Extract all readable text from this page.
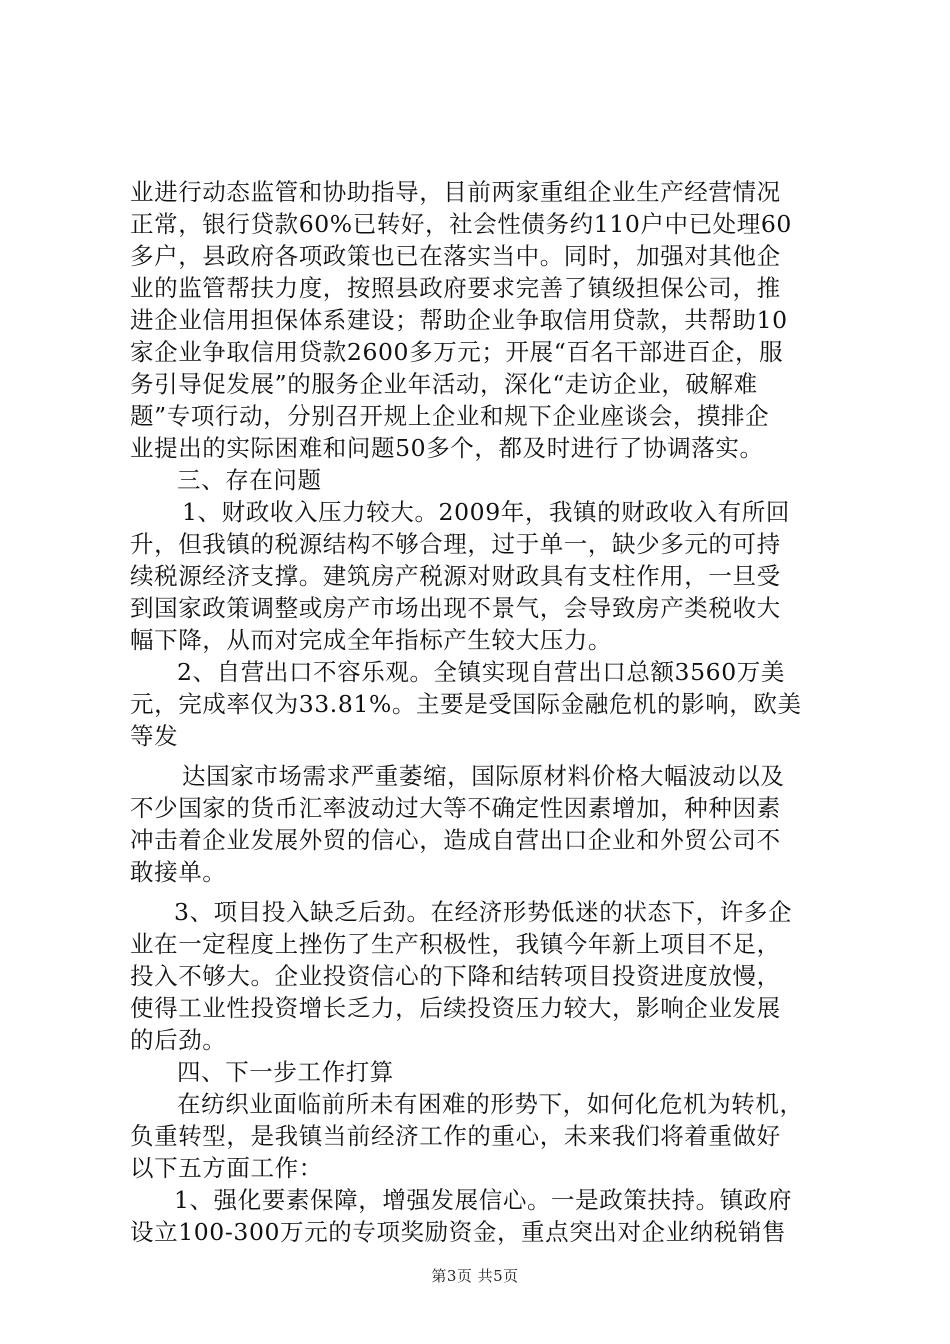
业进行动态监管和协助指导，目前两家重组企业生产经营情况
正常，银行贷款60%已转好，社会性债务约110户中已处理60
多户，县政府各项政策也已在落实当中。同时，加强对其他企
业的监管帮扶力度，按照县政府要求完善了镇级担保公司，推
进企业信用担保体系建设；帮助企业争取信用贷款，共帮助10
家企业争取信用贷款2600多万元；开展“百名干部进百企，服
务引导促发展”的服务企业年活动，深化“走访企业，破解难
题”专项行动，分别召开规上企业和规下企业座谈会，摸排企
业提出的实际困难和问题50多个，都及时进行了协调落实。
三、存在问题
1、财政收入压力较大。2009年，我镇的财政收入有所回
升，但我镇的税源结构不够合理，过于单一，缺少多元的可持
续税源经济支撑。建筑房产税源对财政具有支柱作用，一旦受
到国家政策调整或房产市场出现不景气，会导致房产类税收大
幅下降，从而对完成全年指标产生较大压力。
2、自营出口不容乐观。全镇实现自营出口总额3560万美
元，完成率仅为33.81%。主要是受国际金融危机的影响，欧美
等发
达国家市场需求严重萎缩，国际原材料价格大幅波动以及
不少国家的货币汇率波动过大等不确定性因素增加，种种因素
冲击着企业发展外贸的信心，造成自营出口企业和外贸公司不
敢接单。
3、项目投入缺乏后劲。在经济形势低迷的状态下，许多企
业在一定程度上挫伤了生产积极性，我镇今年新上项目不足，
投入不够大。企业投资信心的下降和结转项目投资进度放慢，
使得工业性投资增长乏力，后续投资压力较大，影响企业发展
的后劲。
四、下一步工作打算
在纺织业面临前所未有困难的形势下，如何化危机为转机，
负重转型，是我镇当前经济工作的重心，未来我们将着重做好
以下五方面工作：
1、强化要素保障，增强发展信心。一是政策扶持。镇政府
设立100-300万元的专项奖励资金，重点突出对企业纳税销售
第3页 共5页
